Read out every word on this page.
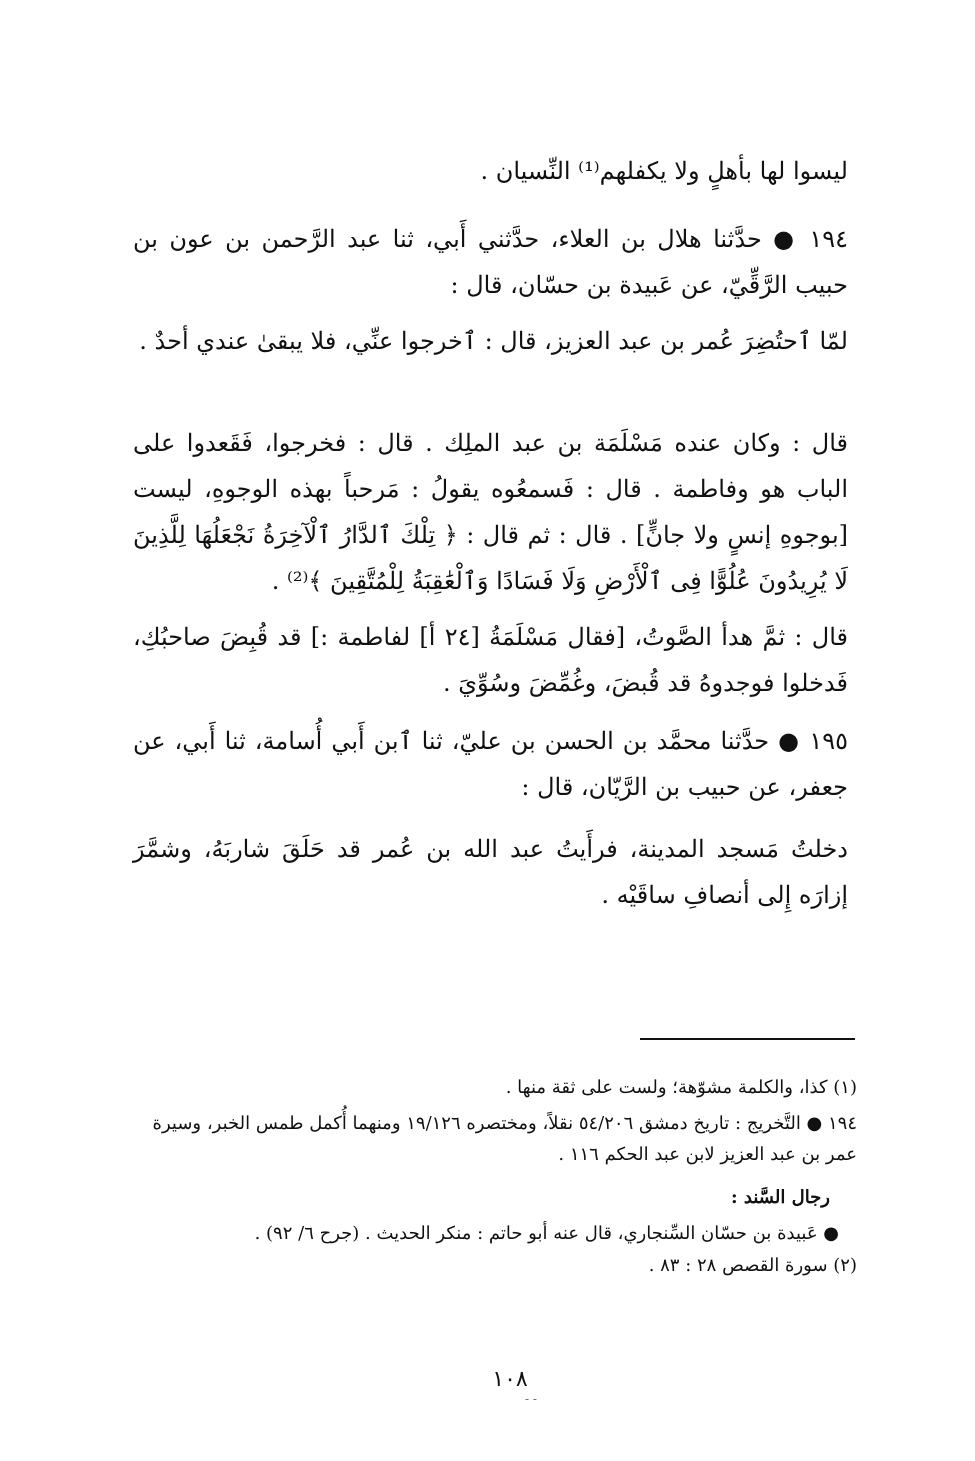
ليسوا لها بأهلٍ ولا يكفلهم⁽¹⁾ النِّسيان .

١٩٤ ● حدَّثنا هلال بن العلاء، حدَّثني أَبي، ثنا عبد الرَّحمن بن عون بن حبيب الرَّقِّيّ، عن عَبيدة بن حسّان، قال :

لمّا ٱحتُضِرَ عُمر بن عبد العزيز، قال : ٱخرجوا عنِّي، فلا يبقىٰ عندي أحدٌ .

قال : وكان عنده مَسْلَمَة بن عبد الملِك . قال : فخرجوا، فَقَعدوا على الباب هو وفاطمة . قال : فَسمعُوه يقولُ : مَرحباً بهذه الوجوهِ، ليست [بوجوهِ إنسٍ ولا جانٍّ] . قال : ثم قال : ﴿ تِلْكَ ٱلدَّارُ ٱلْآخِرَةُ نَجْعَلُهَا لِلَّذِينَ لَا يُرِيدُونَ عُلُوًّا فِى ٱلْأَرْضِ وَلَا فَسَادًا وَٱلْعَٰقِبَةُ لِلْمُتَّقِينَ ﴾⁽²⁾ .

قال : ثمَّ هدأ الصَّوتُ، [فقال مَسْلَمَةُ [٢٤ أ] لفاطمة :] قد قُبِضَ صاحبُكِ، فَدخلوا فوجدوهُ قد قُبضَ، وغُمِّضَ وسُوِّيَ .

١٩٥ ● حدَّثنا محمَّد بن الحسن بن عليّ، ثنا ٱبن أَبي أُسامة، ثنا أَبي، عن جعفر، عن حبيب بن الرَّيّان، قال :

دخلتُ مَسجد المدينة، فرأَيتُ عبد الله بن عُمر قد حَلَقَ شاربَهُ، وشمَّرَ إزارَه إِلى أنصافِ ساقَيْه .

(١) كذا، والكلمة مشوّهة؛ ولست على ثقة منها .

١٩٤ ● التَّخريج : تاريخ دمشق ٥٤/٢٠٦ نقلاً، ومختصره ١٩/١٢٦ ومنهما أُكمل طمس الخبر، وسيرة عمر بن عبد العزيز لابن عبد الحكم ١١٦ .

رجال السَّند :

● عَبيدة بن حسّان السِّنجاري، قال عنه أبو حاتم : منكر الحديث . (جرح ٦/ ٩٢) .

(٢) سورة القصص ٢٨ : ٨٣ .

١٠٨
- -
